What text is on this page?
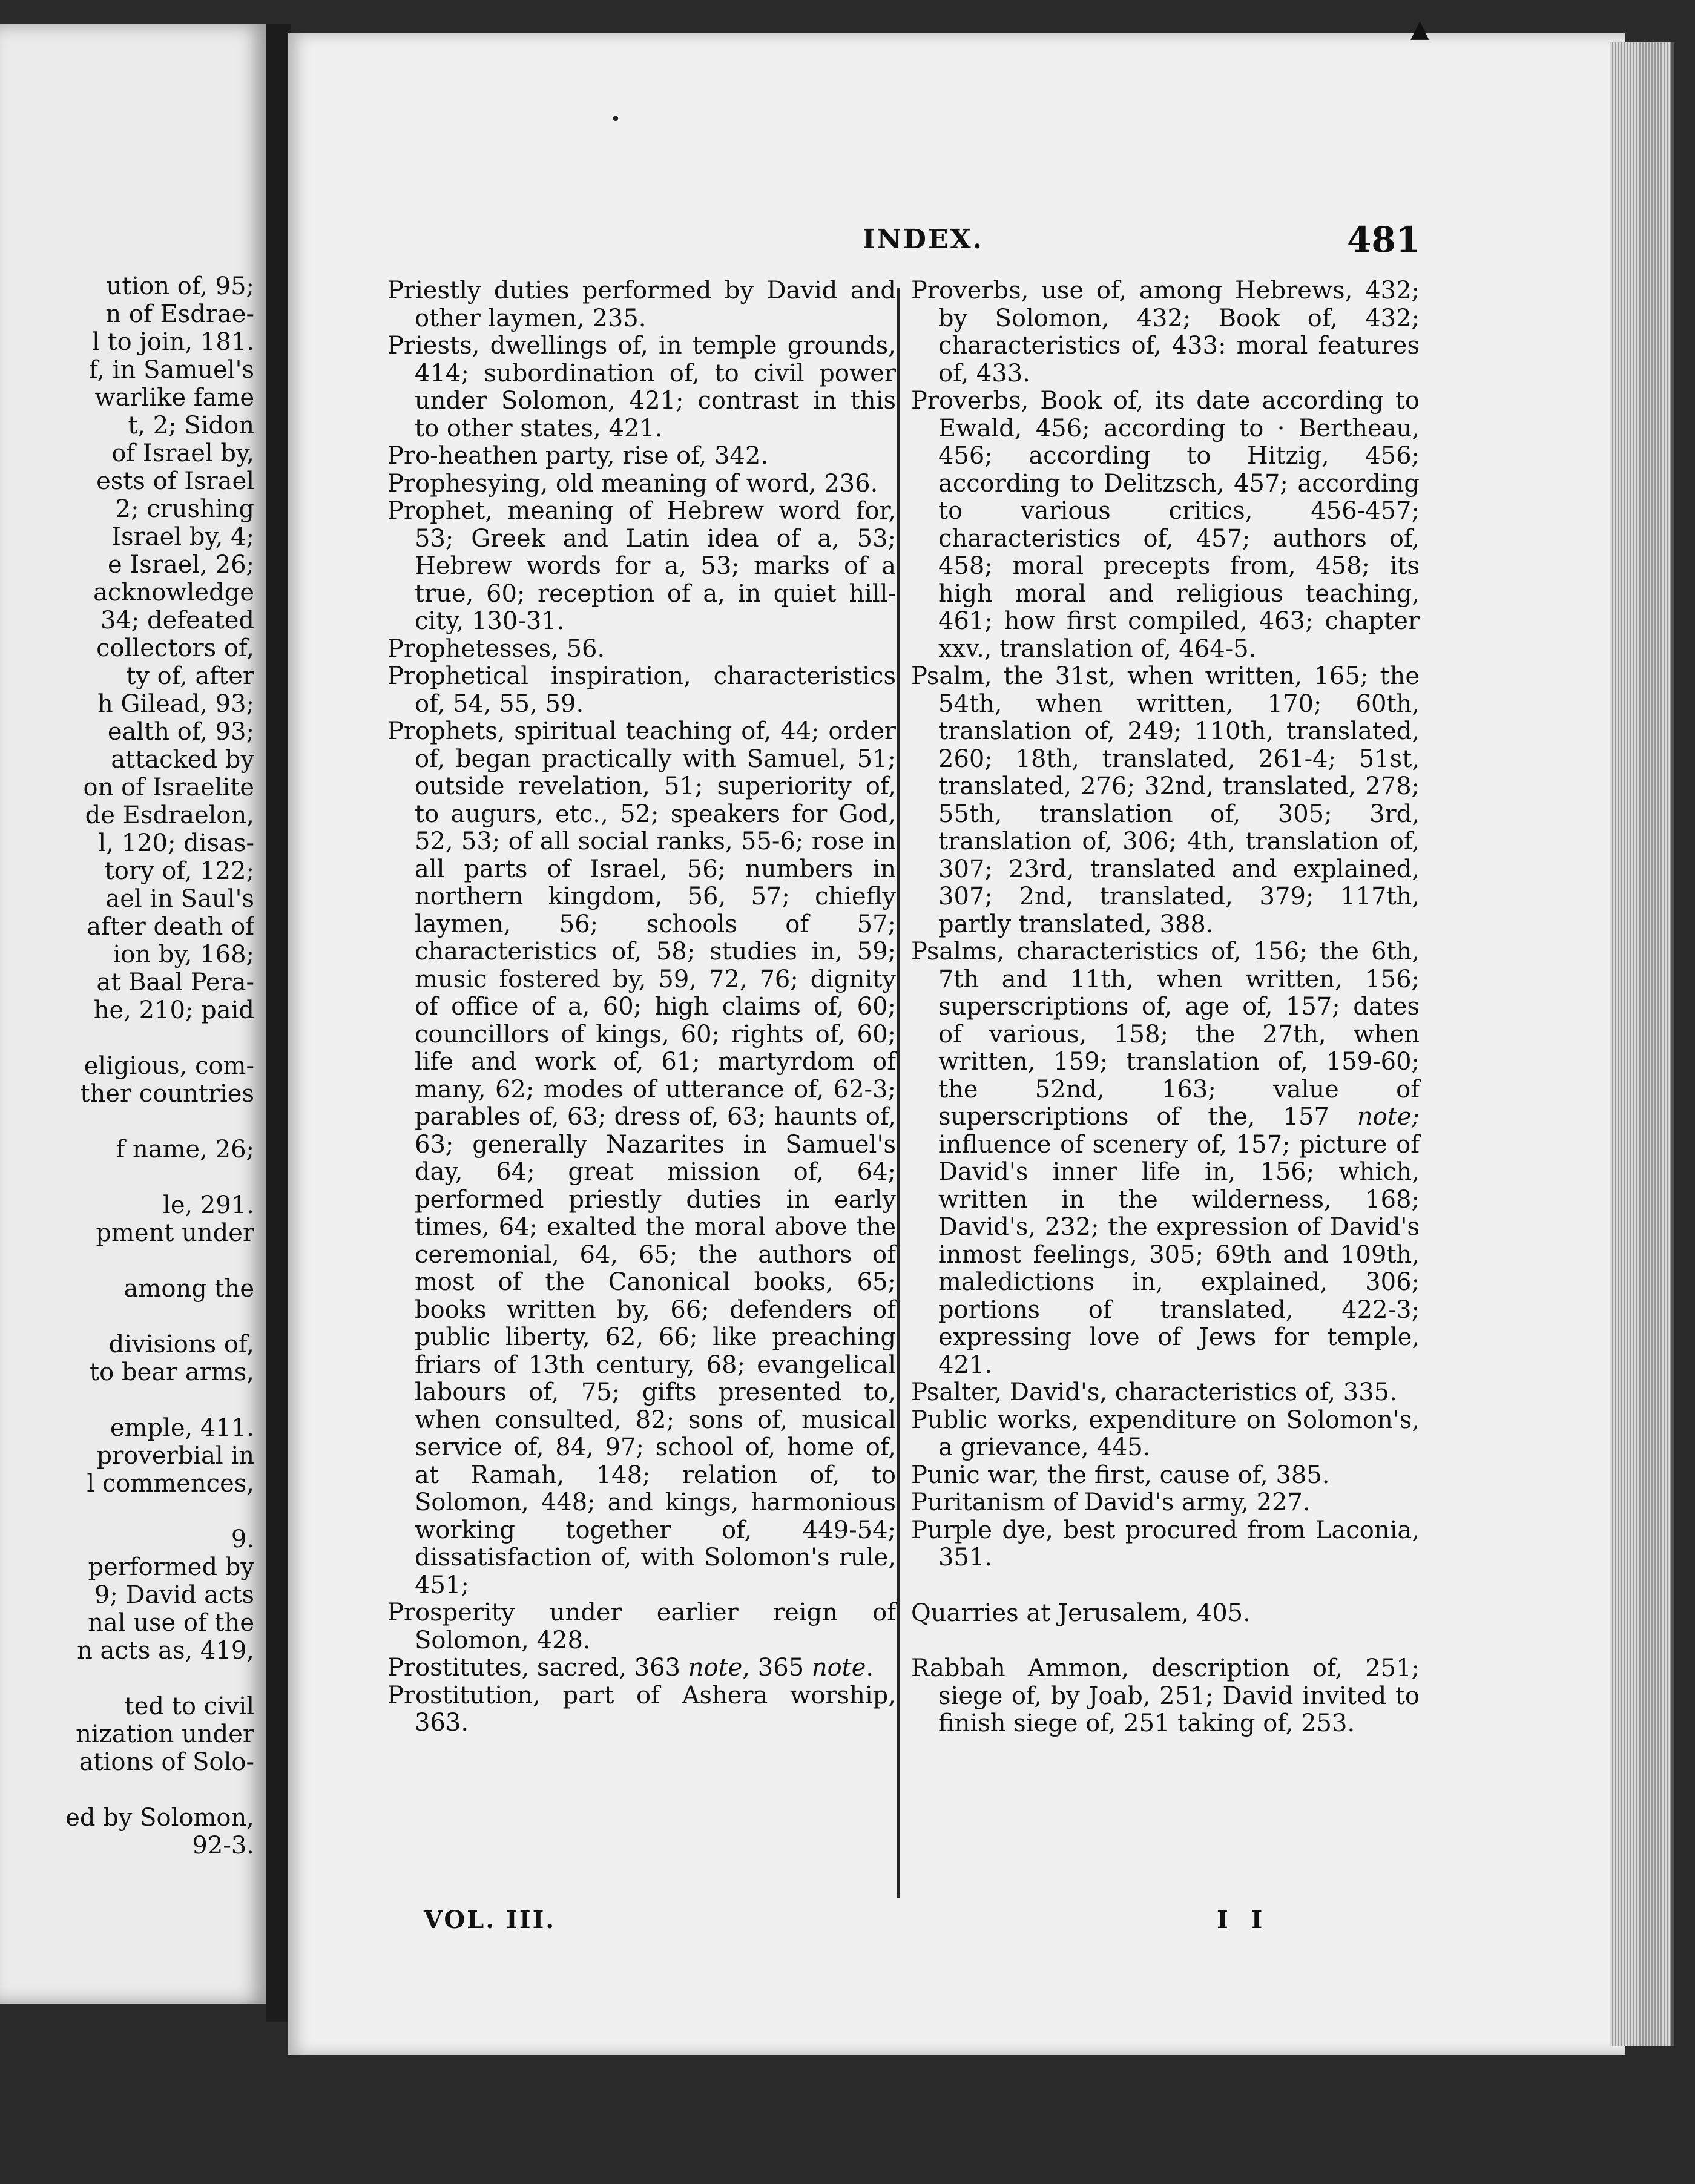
ution of, 95;
n of Esdrae-
l to join, 181.
f, in Samuel's
warlike fame
t, 2; Sidon
of Israel by,
ests of Israel
2; crushing
Israel by, 4;
e Israel, 26;
acknowledge
34; defeated
collectors of,
ty of, after
h Gilead, 93;
ealth of, 93;
attacked by
on of Israelite
de Esdraelon,
l, 120; disas-
tory of, 122;
ael in Saul's
after death of
ion by, 168;
at Baal Pera-
he, 210; paid
eligious, com-
ther countries
f name, 26;
le, 291.
pment under
among the
divisions of,
to bear arms,
emple, 411.
proverbial in
l commences,
9.
performed by
9; David acts
nal use of the
n acts as, 419,
ted to civil
nization under
ations of Solo-
ed by Solomon,
92-3.
▲
•
INDEX.	481

Priestly duties performed by David and other laymen, 235.

Priests, dwellings of, in temple grounds, 414; subordination of, to civil power under Solomon, 421; contrast in this to other states, 421.

Pro-heathen party, rise of, 342.

Prophesying, old meaning of word, 236.

Prophet, meaning of Hebrew word for, 53; Greek and Latin idea of a, 53; Hebrew words for a, 53; marks of a true, 60; reception of a, in quiet hill-city, 130-31.

Prophetesses, 56.

Prophetical inspiration, characteristics of, 54, 55, 59.

Prophets, spiritual teaching of, 44; order of, began practically with Samuel, 51; outside revelation, 51; superiority of, to augurs, etc., 52; speakers for God, 52, 53; of all social ranks, 55-6; rose in all parts of Israel, 56; numbers in northern kingdom, 56, 57; chiefly laymen, 56; schools of 57; characteristics of, 58; studies in, 59; music fostered by, 59, 72, 76; dignity of office of a, 60; high claims of, 60; councillors of kings, 60; rights of, 60; life and work of, 61; martyrdom of many, 62; modes of utterance of, 62-3; parables of, 63; dress of, 63; haunts of, 63; generally Nazarites in Samuel's day, 64; great mission of, 64; performed priestly duties in early times, 64; exalted the moral above the ceremonial, 64, 65; the authors of most of the Canonical books, 65; books written by, 66; defenders of public liberty, 62, 66; like preaching friars of 13th century, 68; evangelical labours of, 75; gifts presented to, when consulted, 82; sons of, musical service of, 84, 97; school of, home of, at Ramah, 148; relation of, to Solomon, 448; and kings, harmonious working together of, 449-54; dissatisfaction of, with Solomon's rule, 451;

Prosperity under earlier reign of Solomon, 428.

Prostitutes, sacred, 363 note, 365 note.

Prostitution, part of Ashera worship, 363.

Proverbs, use of, among Hebrews, 432; by Solomon, 432; Book of, 432; characteristics of, 433: moral features of, 433.

Proverbs, Book of, its date according to Ewald, 456; according to · Bertheau, 456; according to Hitzig, 456; according to Delitzsch, 457; according to various critics, 456-457; characteristics of, 457; authors of, 458; moral precepts from, 458; its high moral and religious teaching, 461; how first compiled, 463; chapter xxv., translation of, 464-5.

Psalm, the 31st, when written, 165; the 54th, when written, 170; 60th, translation of, 249; 110th, translated, 260; 18th, translated, 261-4; 51st, translated, 276; 32nd, translated, 278; 55th, translation of, 305; 3rd, translation of, 306; 4th, translation of, 307; 23rd, translated and explained, 307; 2nd, translated, 379; 117th, partly translated, 388.

Psalms, characteristics of, 156; the 6th, 7th and 11th, when written, 156; superscriptions of, age of, 157; dates of various, 158; the 27th, when written, 159; translation of, 159-60; the 52nd, 163; value of superscriptions of the, 157 note; influence of scenery of, 157; picture of David's inner life in, 156; which, written in the wilderness, 168; David's, 232; the expression of David's inmost feelings, 305; 69th and 109th, maledictions in, explained, 306; portions of translated, 422-3; expressing love of Jews for temple, 421.

Psalter, David's, characteristics of, 335.

Public works, expenditure on Solomon's, a grievance, 445.

Punic war, the first, cause of, 385.

Puritanism of David's army, 227.

Purple dye, best procured from Laconia, 351.

Quarries at Jerusalem, 405.

Rabbah Ammon, description of, 251; siege of, by Joab, 251; David invited to finish siege of, 251 taking of, 253.

VOL. III.	I I
